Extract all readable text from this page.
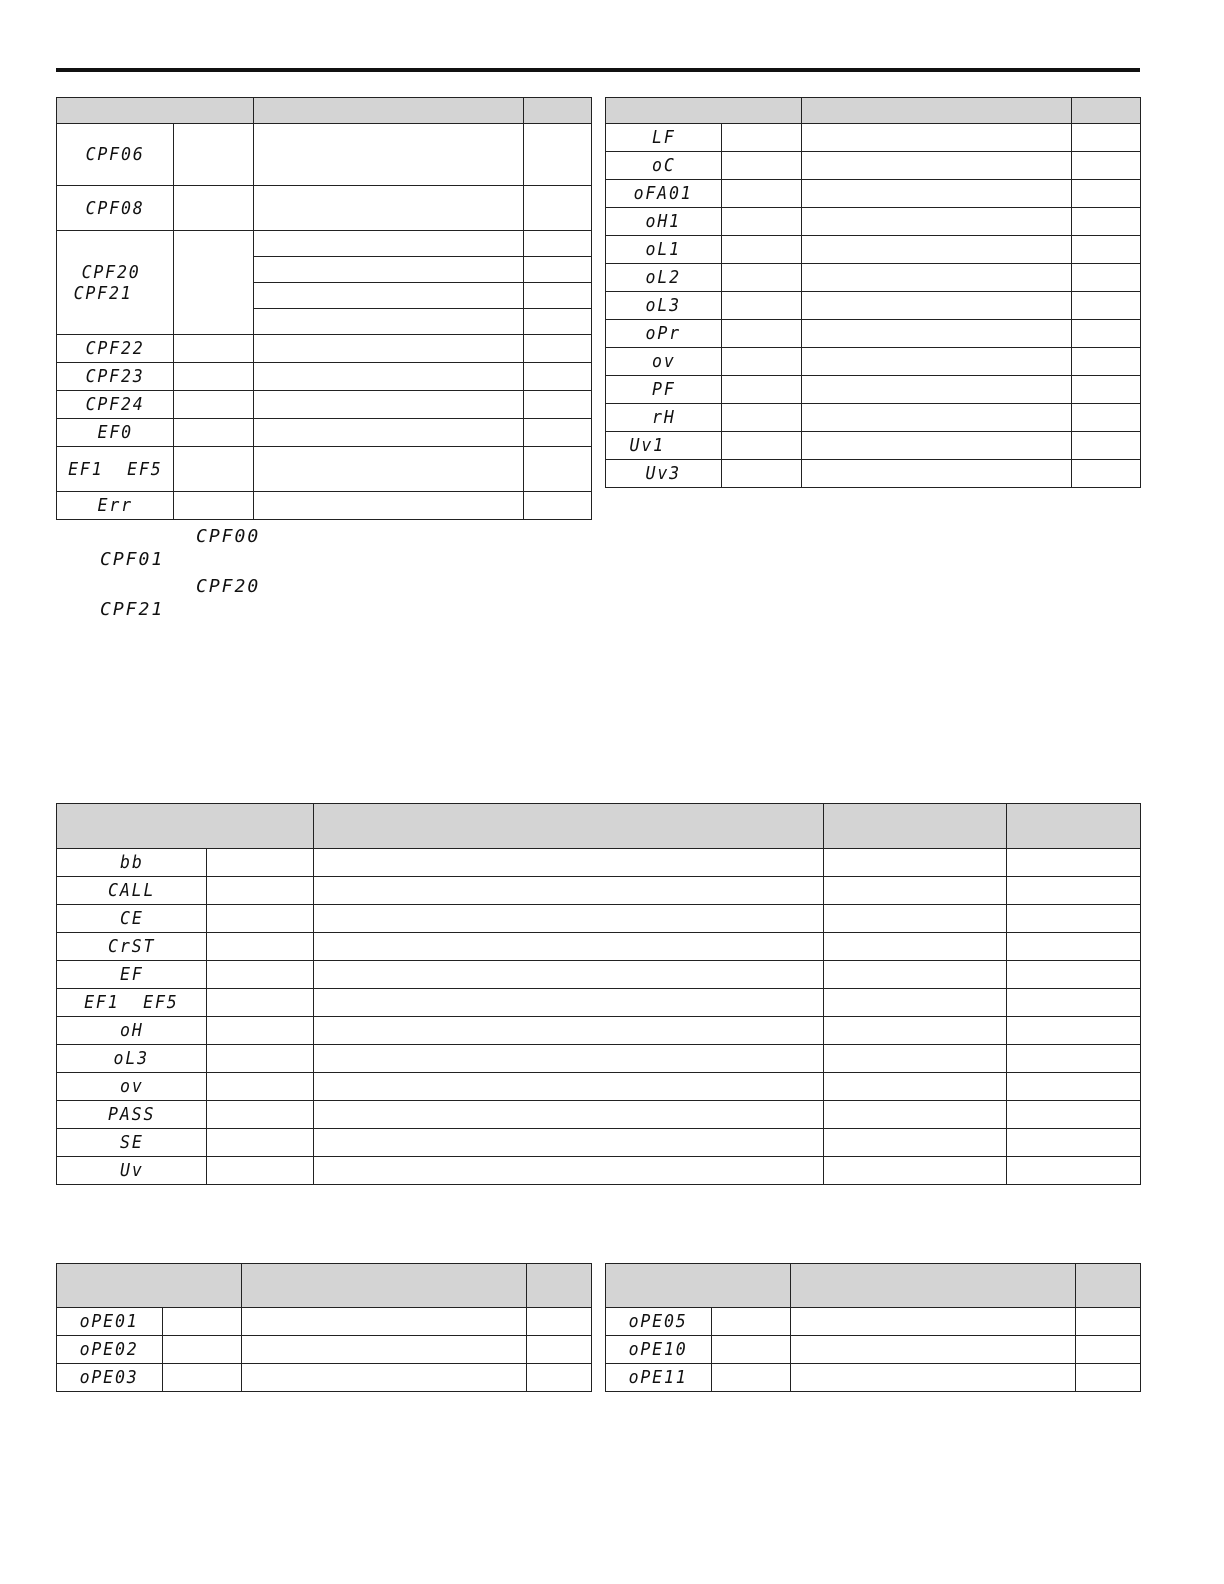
CPF06			
CPF08			

CPF20
CPF21			

CPF22			
CPF23			
CPF24			
EF0			
EF1  EF5			
Err			
CPF00
CPF01
CPF20
CPF21

LF			
oC			
oFA01			
oH1			
oL1			
oL2			
oL3			
oPr			
ov			
PF			
rH			
Uv1			
Uv3			

bb				
CALL				
CE				
CrST				
EF				
EF1  EF5				
oH				
oL3				
ov				
PASS				
SE				
Uv				

oPE01			
oPE02			
oPE03			

oPE05			
oPE10			
oPE11			
